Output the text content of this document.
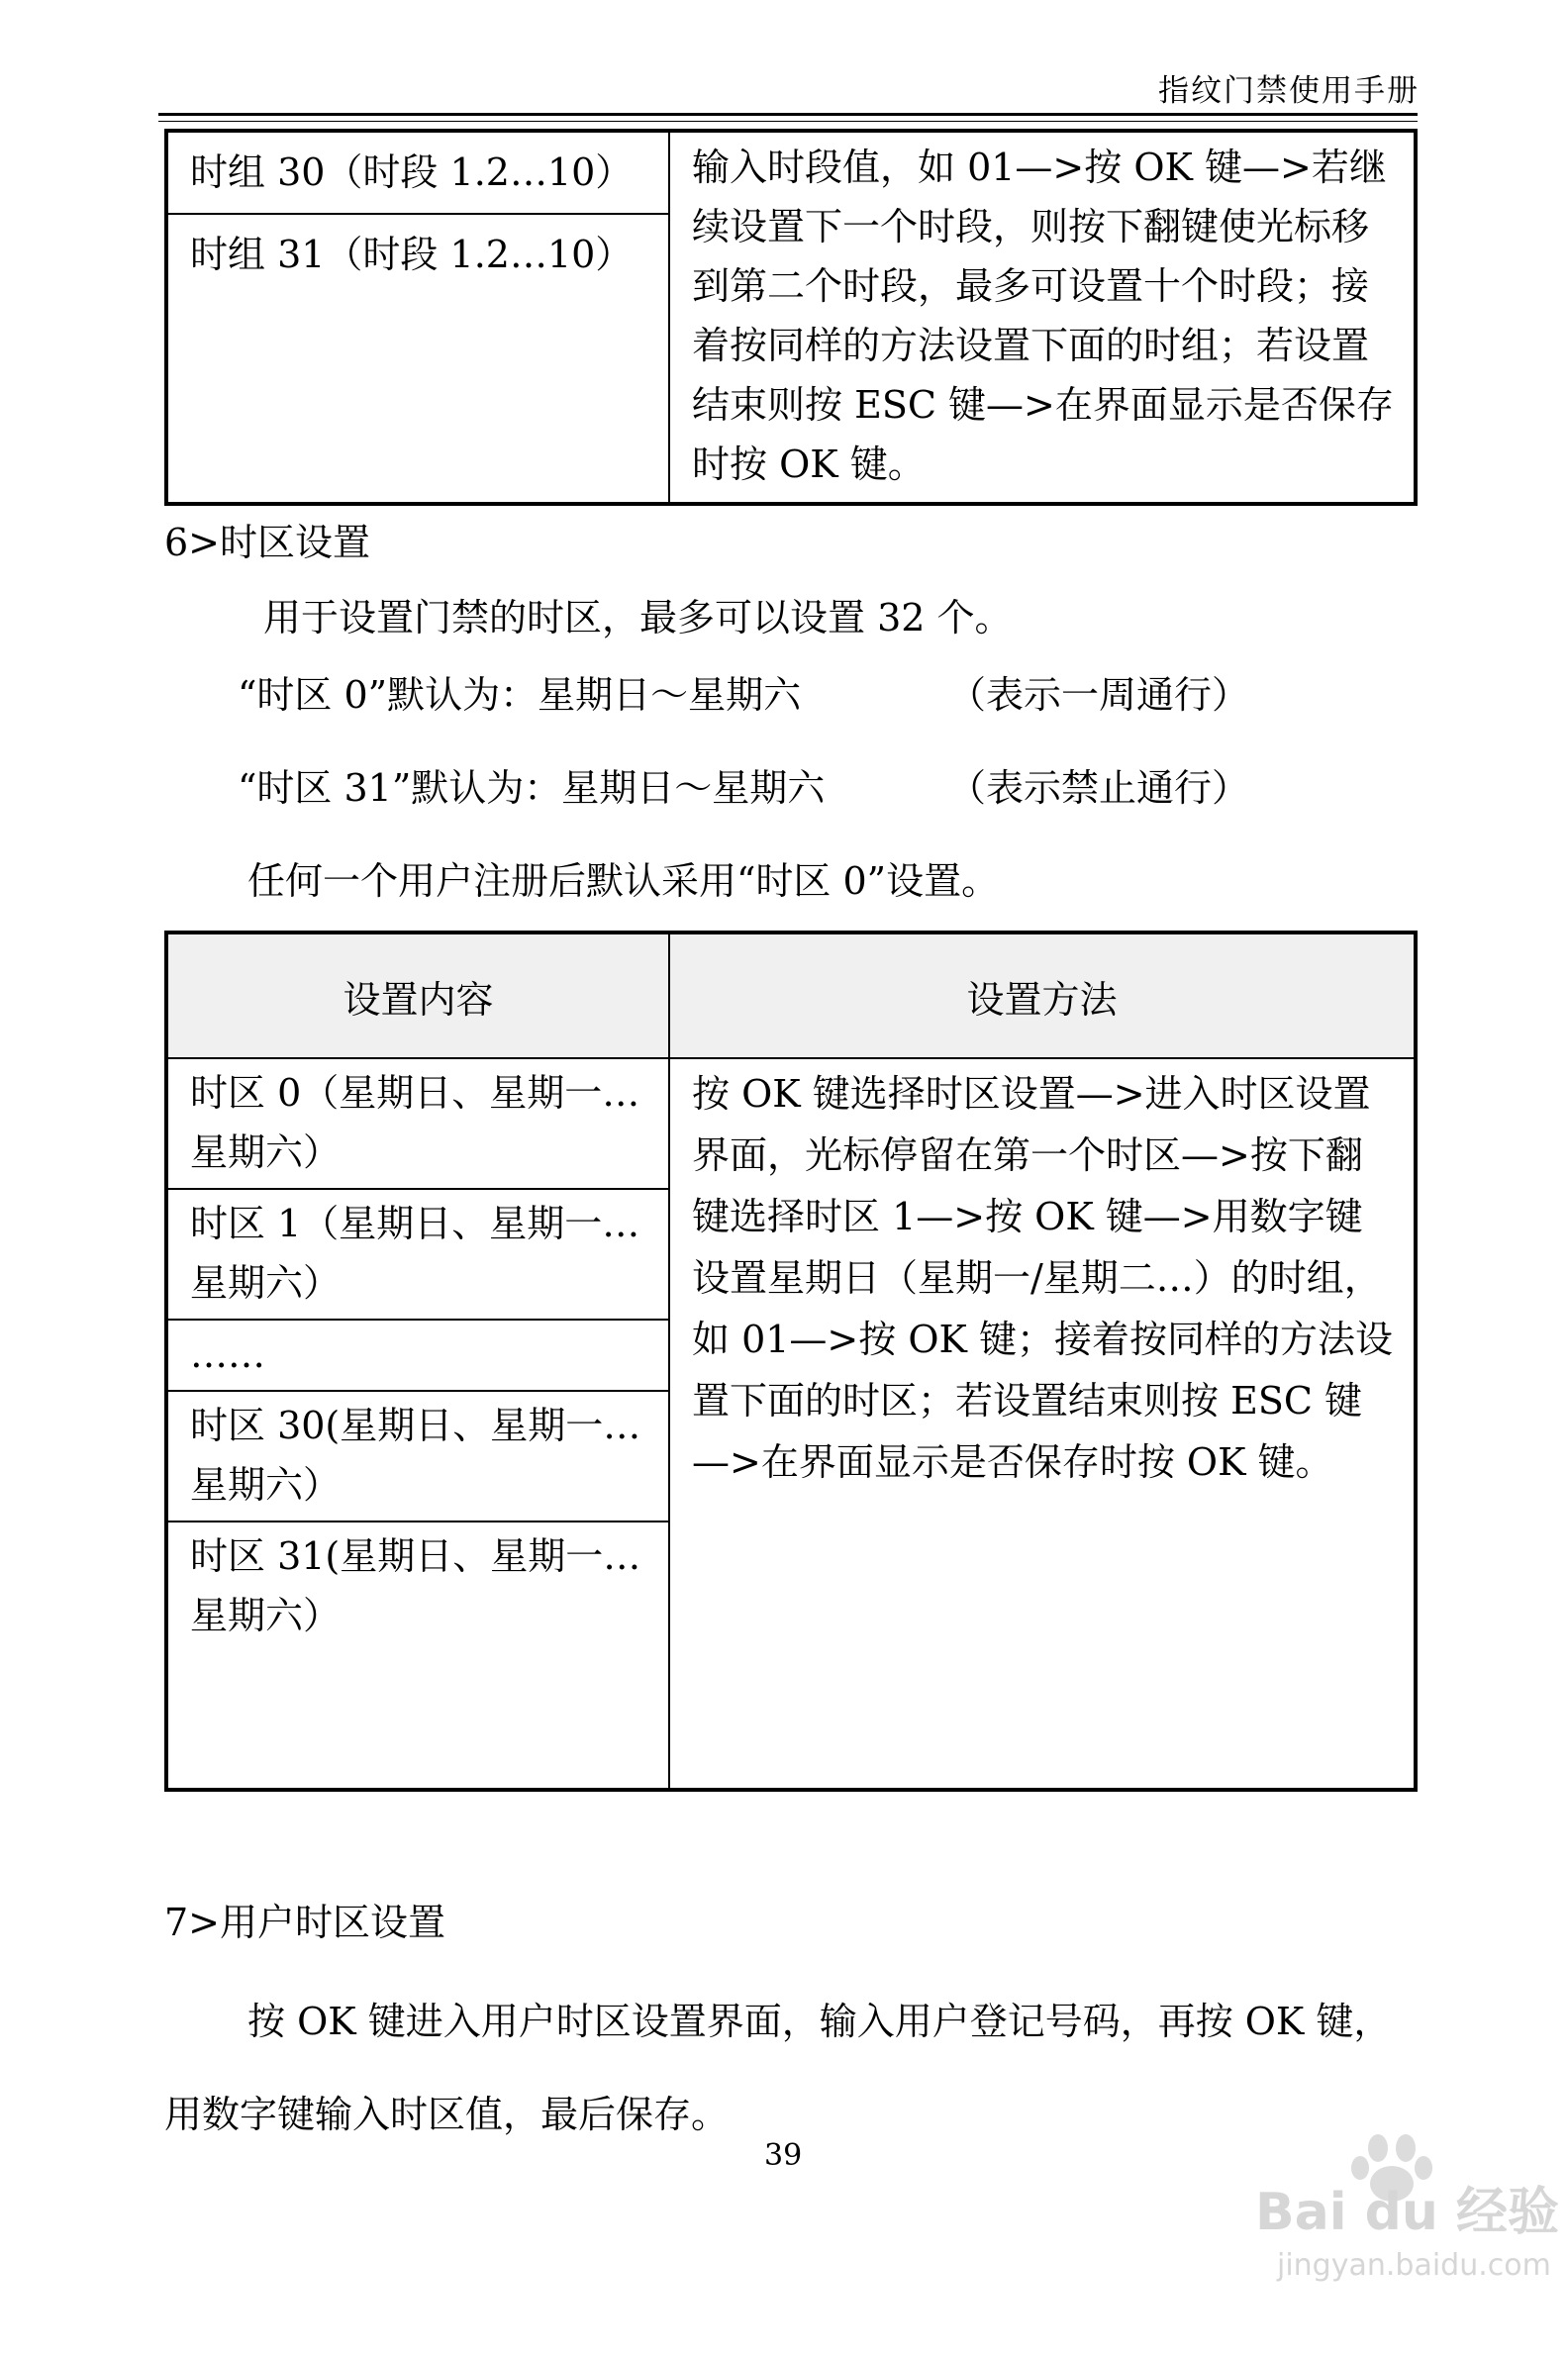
指纹门禁使用手册
时组 30（时段 1.2…10）	输入时段值，如 01—>按 OK 键—>若继续设置下一个时段，则按下翻键使光标移到第二个时段，最多可设置十个时段；接着按同样的方法设置下面的时组；若设置结束则按 ESC 键—>在界面显示是否保存时按 OK 键。
时组 31（时段 1.2…10）
6>时区设置
用于设置门禁的时区，最多可以设置 32 个。
“时区 0”默认为：星期日～星期六	（表示一周通行）
“时区 31”默认为：星期日～星期六	（表示禁止通行）
任何一个用户注册后默认采用“时区 0”设置。
设置内容	设置方法
时区 0（星期日、星期一…星期六）	按 OK 键选择时区设置—>进入时区设置界面，光标停留在第一个时区—>按下翻键选择时区 1—>按 OK 键—>用数字键设置星期日（星期一/星期二…）的时组，如 01—>按 OK 键；接着按同样的方法设置下面的时区；若设置结束则按 ESC 键—>在界面显示是否保存时按 OK 键。
时区 1（星期日、星期一…星期六）	
……	
时区 30(星期日、星期一…星期六）	
时区 31(星期日、星期一…星期六）	
7>用户时区设置
按 OK 键进入用户时区设置界面，输入用户登记号码，再按 OK 键，
用数字键输入时区值，最后保存。
39
Bai du 经验
jingyan.baidu.com
